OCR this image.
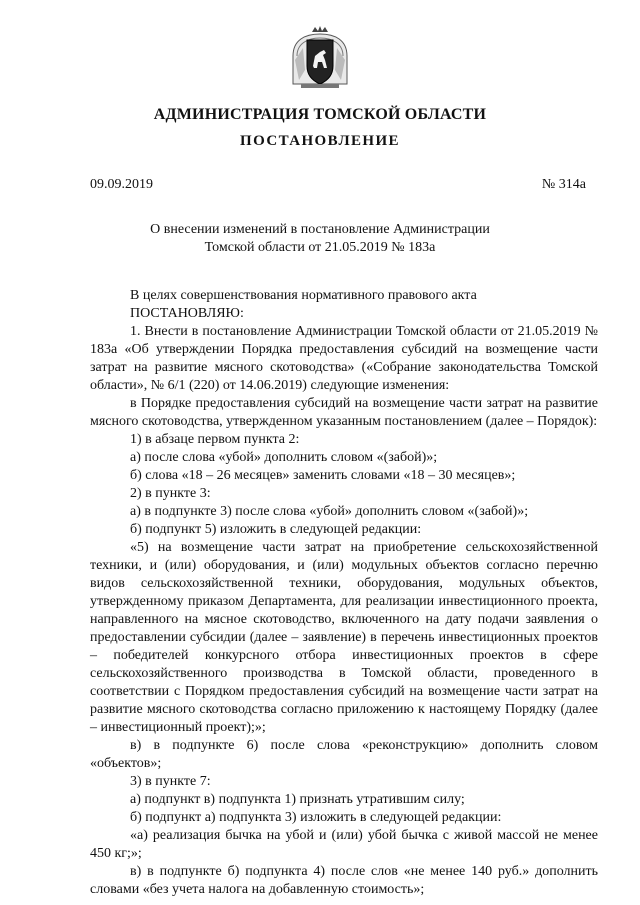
АДМИНИСТРАЦИЯ ТОМСКОЙ ОБЛАСТИ
ПОСТАНОВЛЕНИЕ
09.09.2019	№ 314а
О внесении изменений в постановление Администрации
Томской области от 21.05.2019 № 183а

В целях совершенствования нормативного правового акта

ПОСТАНОВЛЯЮ:

1. Внести в постановление Администрации Томской области от 21.05.2019 № 183а «Об утверждении Порядка предоставления субсидий на возмещение части затрат на развитие мясного скотоводства» («Собрание законодательства Томской области», № 6/1 (220) от 14.06.2019) следующие изменения:

в Порядке предоставления субсидий на возмещение части затрат на развитие мясного скотоводства, утвержденном указанным постановлением (далее – Порядок):

1) в абзаце первом пункта 2:

а) после слова «убой» дополнить словом «(забой)»;

б) слова «18 – 26 месяцев» заменить словами «18 – 30 месяцев»;

2) в пункте 3:

а) в подпункте 3) после слова «убой» дополнить словом «(забой)»;

б) подпункт 5) изложить в следующей редакции:

«5) на возмещение части затрат на приобретение сельскохозяйственной техники, и (или) оборудования, и (или) модульных объектов согласно перечню видов сельскохозяйственной техники, оборудования, модульных объектов, утвержденному приказом Департамента, для реализации инвестиционного проекта, направленного на мясное скотоводство, включенного на дату подачи заявления о предоставлении субсидии (далее – заявление) в перечень инвестиционных проектов – победителей конкурсного отбора инвестиционных проектов в сфере сельскохозяйственного производства в Томской области, проведенного в соответствии с Порядком предоставления субсидий на возмещение части затрат на развитие мясного скотоводства согласно приложению к настоящему Порядку (далее – инвестиционный проект);»;

в) в подпункте 6) после слова «реконструкцию» дополнить словом «объектов»;

3) в пункте 7:

а) подпункт в) подпункта 1) признать утратившим силу;

б) подпункт а) подпункта 3) изложить в следующей редакции:

«а) реализация бычка на убой и (или) убой бычка с живой массой не менее 450 кг;»;

в) в подпункте б) подпункта 4) после слов «не менее 140 руб.» дополнить словами «без учета налога на добавленную стоимость»;
